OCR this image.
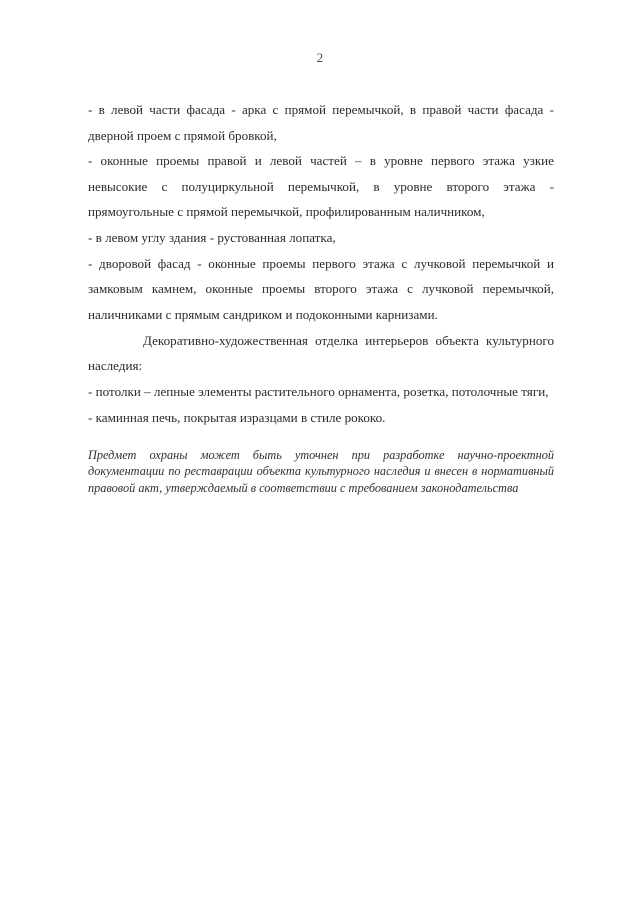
2

- в левой части фасада - арка с прямой перемычкой, в правой части фасада - дверной проем с прямой бровкой,

- оконные проемы правой и левой частей – в уровне первого этажа узкие невысокие с полуциркульной перемычкой, в уровне второго этажа - прямоугольные с прямой перемычкой, профилированным наличником,

- в левом углу здания - рустованная лопатка,

- дворовой фасад - оконные проемы первого этажа с лучковой перемычкой и замковым камнем, оконные проемы второго этажа с лучковой перемычкой, наличниками с прямым сандриком и подоконными карнизами.

Декоративно-художественная отделка интерьеров объекта культурного наследия:

- потолки – лепные элементы растительного орнамента, розетка, потолочные тяги,

- каминная печь, покрытая изразцами в стиле рококо.

Предмет охраны может быть уточнен при разработке научно-проектной документации по реставрации объекта культурного наследия и внесен в нормативный правовой акт, утверждаемый в соответствии с требованием законодательства
